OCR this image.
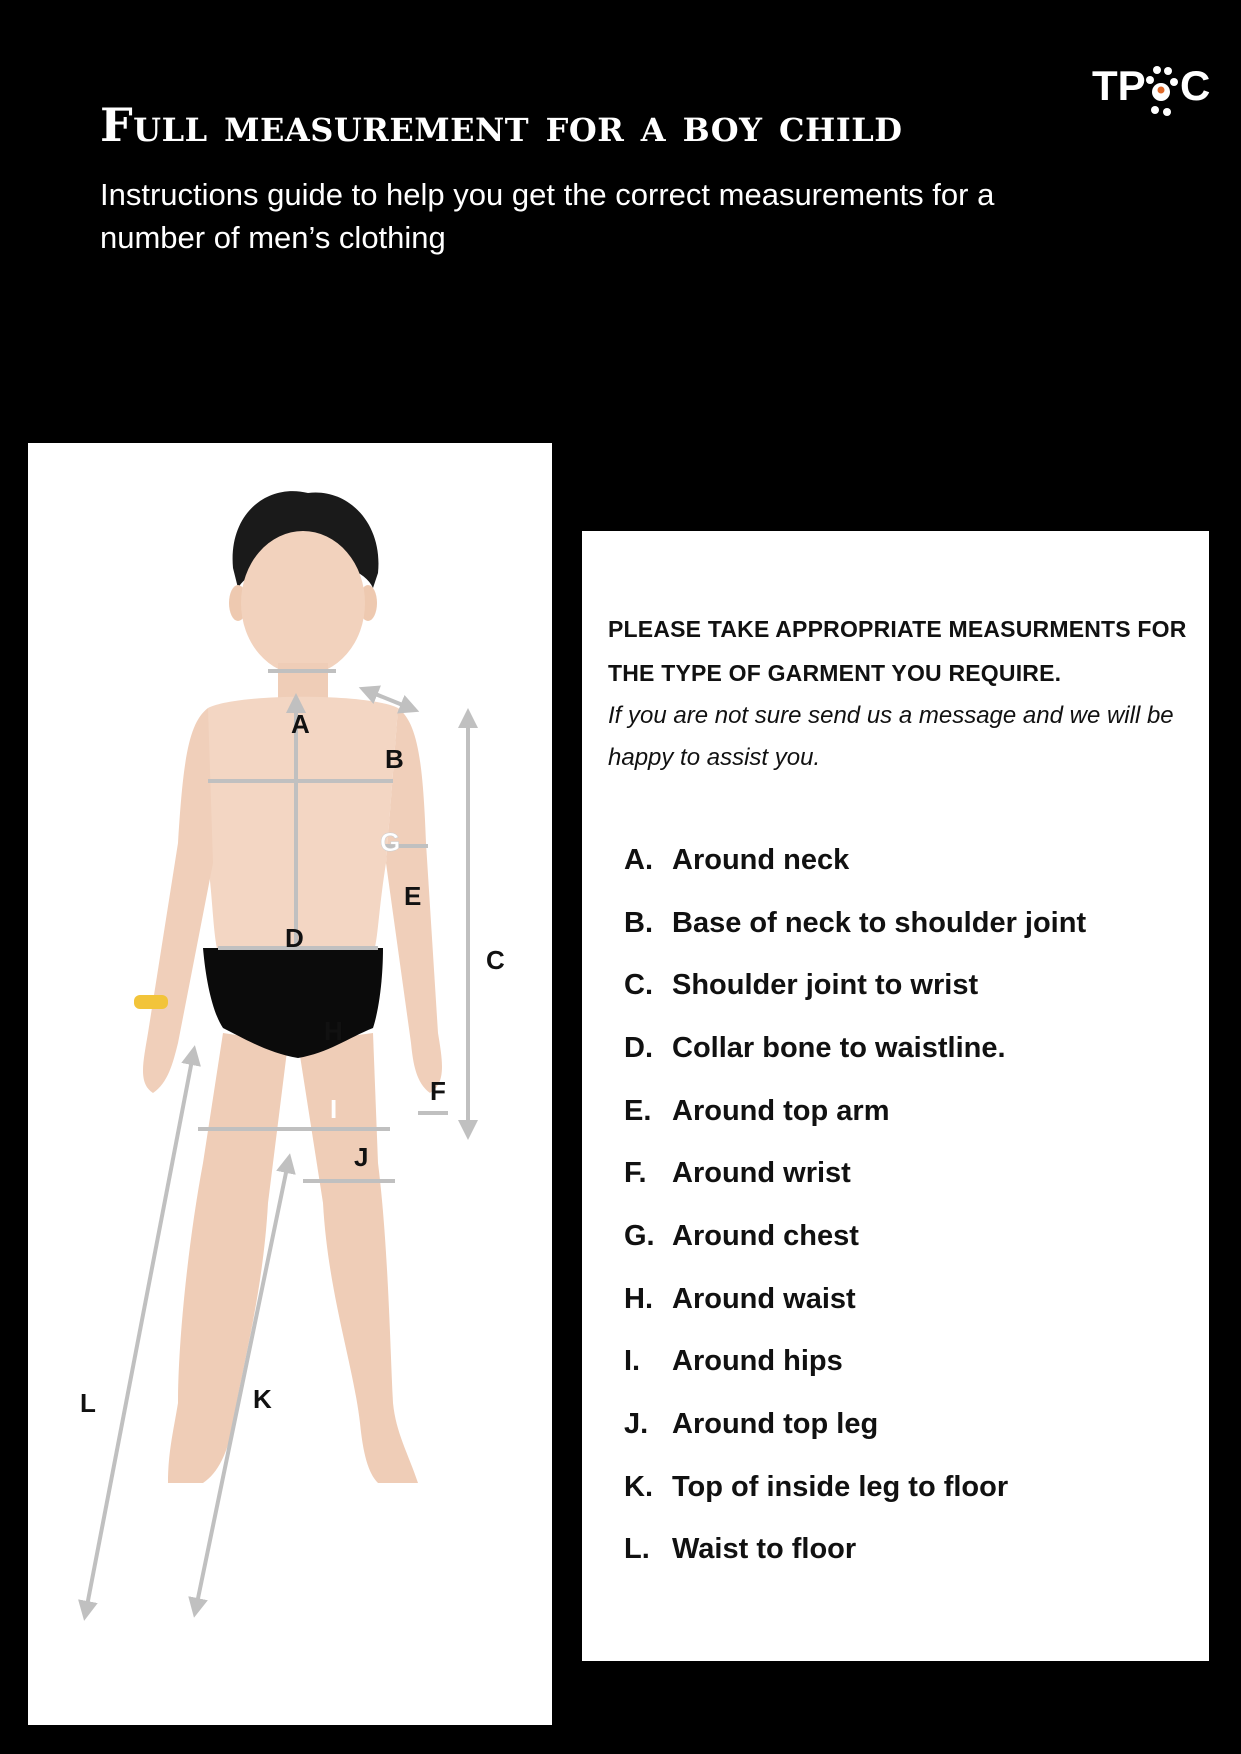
Full measurement for a boy child

Instructions guide to help you get the correct measurements for a number of men’s clothing

TP C
A
B
C
D
E
F
G
H
I
J
K
L

PLEASE TAKE APPROPRIATE MEASURMENTS FOR THE TYPE OF GARMENT YOU REQUIRE.

If you are not sure send us a message and we will be happy to assist you.

A. Around neck
B. Base of neck to shoulder joint
C. Shoulder joint to wrist
D. Collar bone to waistline.
E. Around top arm
F. Around wrist
G. Around chest
H. Around waist
I.	Around hips
J. Around top leg
K. Top of inside leg to floor
L. Waist to floor
